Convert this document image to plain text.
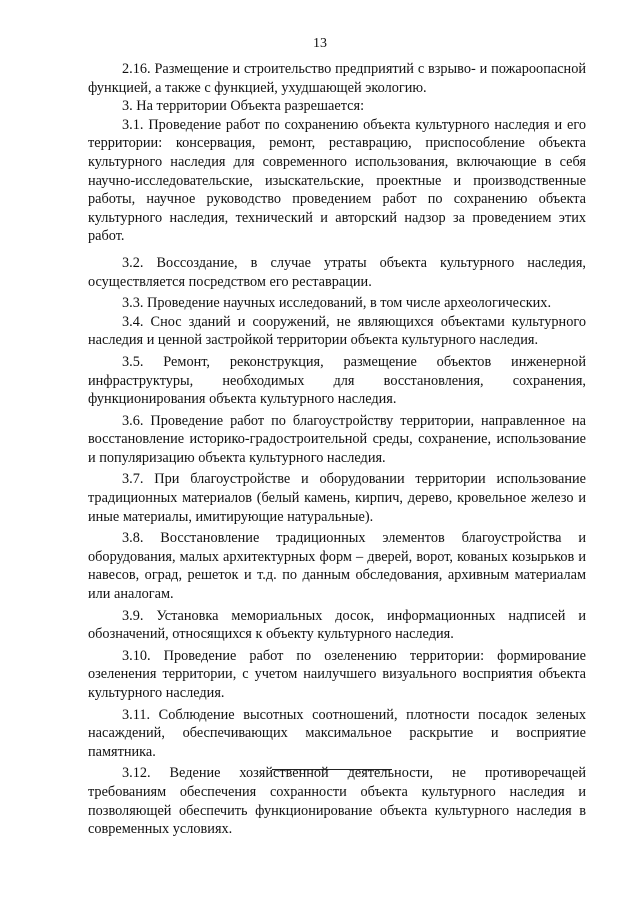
13

2.16. Размещение и строительство предприятий с взрыво- и пожароопасной функцией, а также с функцией, ухудшающей экологию.

3. На территории Объекта разрешается:

3.1. Проведение работ по сохранению объекта культурного наследия и его территории: консервация, ремонт, реставрацию, приспособление объекта культурного наследия для современного использования, включающие в себя научно-исследовательские, изыскательские, проектные и производственные работы, научное руководство проведением работ по сохранению объекта культурного наследия, технический и авторский надзор за проведением этих работ.

3.2. Воссоздание, в случае утраты объекта культурного наследия, осуществляется посредством его реставрации.

3.3. Проведение научных исследований, в том числе археологических.

3.4. Снос зданий и сооружений, не являющихся объектами культурного наследия и ценной застройкой территории объекта культурного наследия.

3.5. Ремонт, реконструкция, размещение объектов инженерной инфраструктуры, необходимых для восстановления, сохранения, функционирования объекта культурного наследия.

3.6. Проведение работ по благоустройству территории, направленное на восстановление историко-градостроительной среды, сохранение, использование и популяризацию объекта культурного наследия.

3.7. При благоустройстве и оборудовании территории использование традиционных материалов (белый камень, кирпич, дерево, кровельное железо и иные материалы, имитирующие натуральные).

3.8. Восстановление традиционных элементов благоустройства и оборудования, малых архитектурных форм – дверей, ворот, кованых козырьков и навесов, оград, решеток и т.д. по данным обследования, архивным материалам или аналогам.

3.9. Установка мемориальных досок, информационных надписей и обозначений, относящихся к объекту культурного наследия.

3.10. Проведение работ по озеленению территории: формирование озеленения территории, с учетом наилучшего визуального восприятия объекта культурного наследия.

3.11. Соблюдение высотных соотношений, плотности посадок зеленых насаждений, обеспечивающих максимальное раскрытие и восприятие памятника.

3.12. Ведение хозяйственной деятельности, не противоречащей требованиям обеспечения сохранности объекта культурного наследия и позволяющей обеспечить функционирование объекта культурного наследия в современных условиях.
